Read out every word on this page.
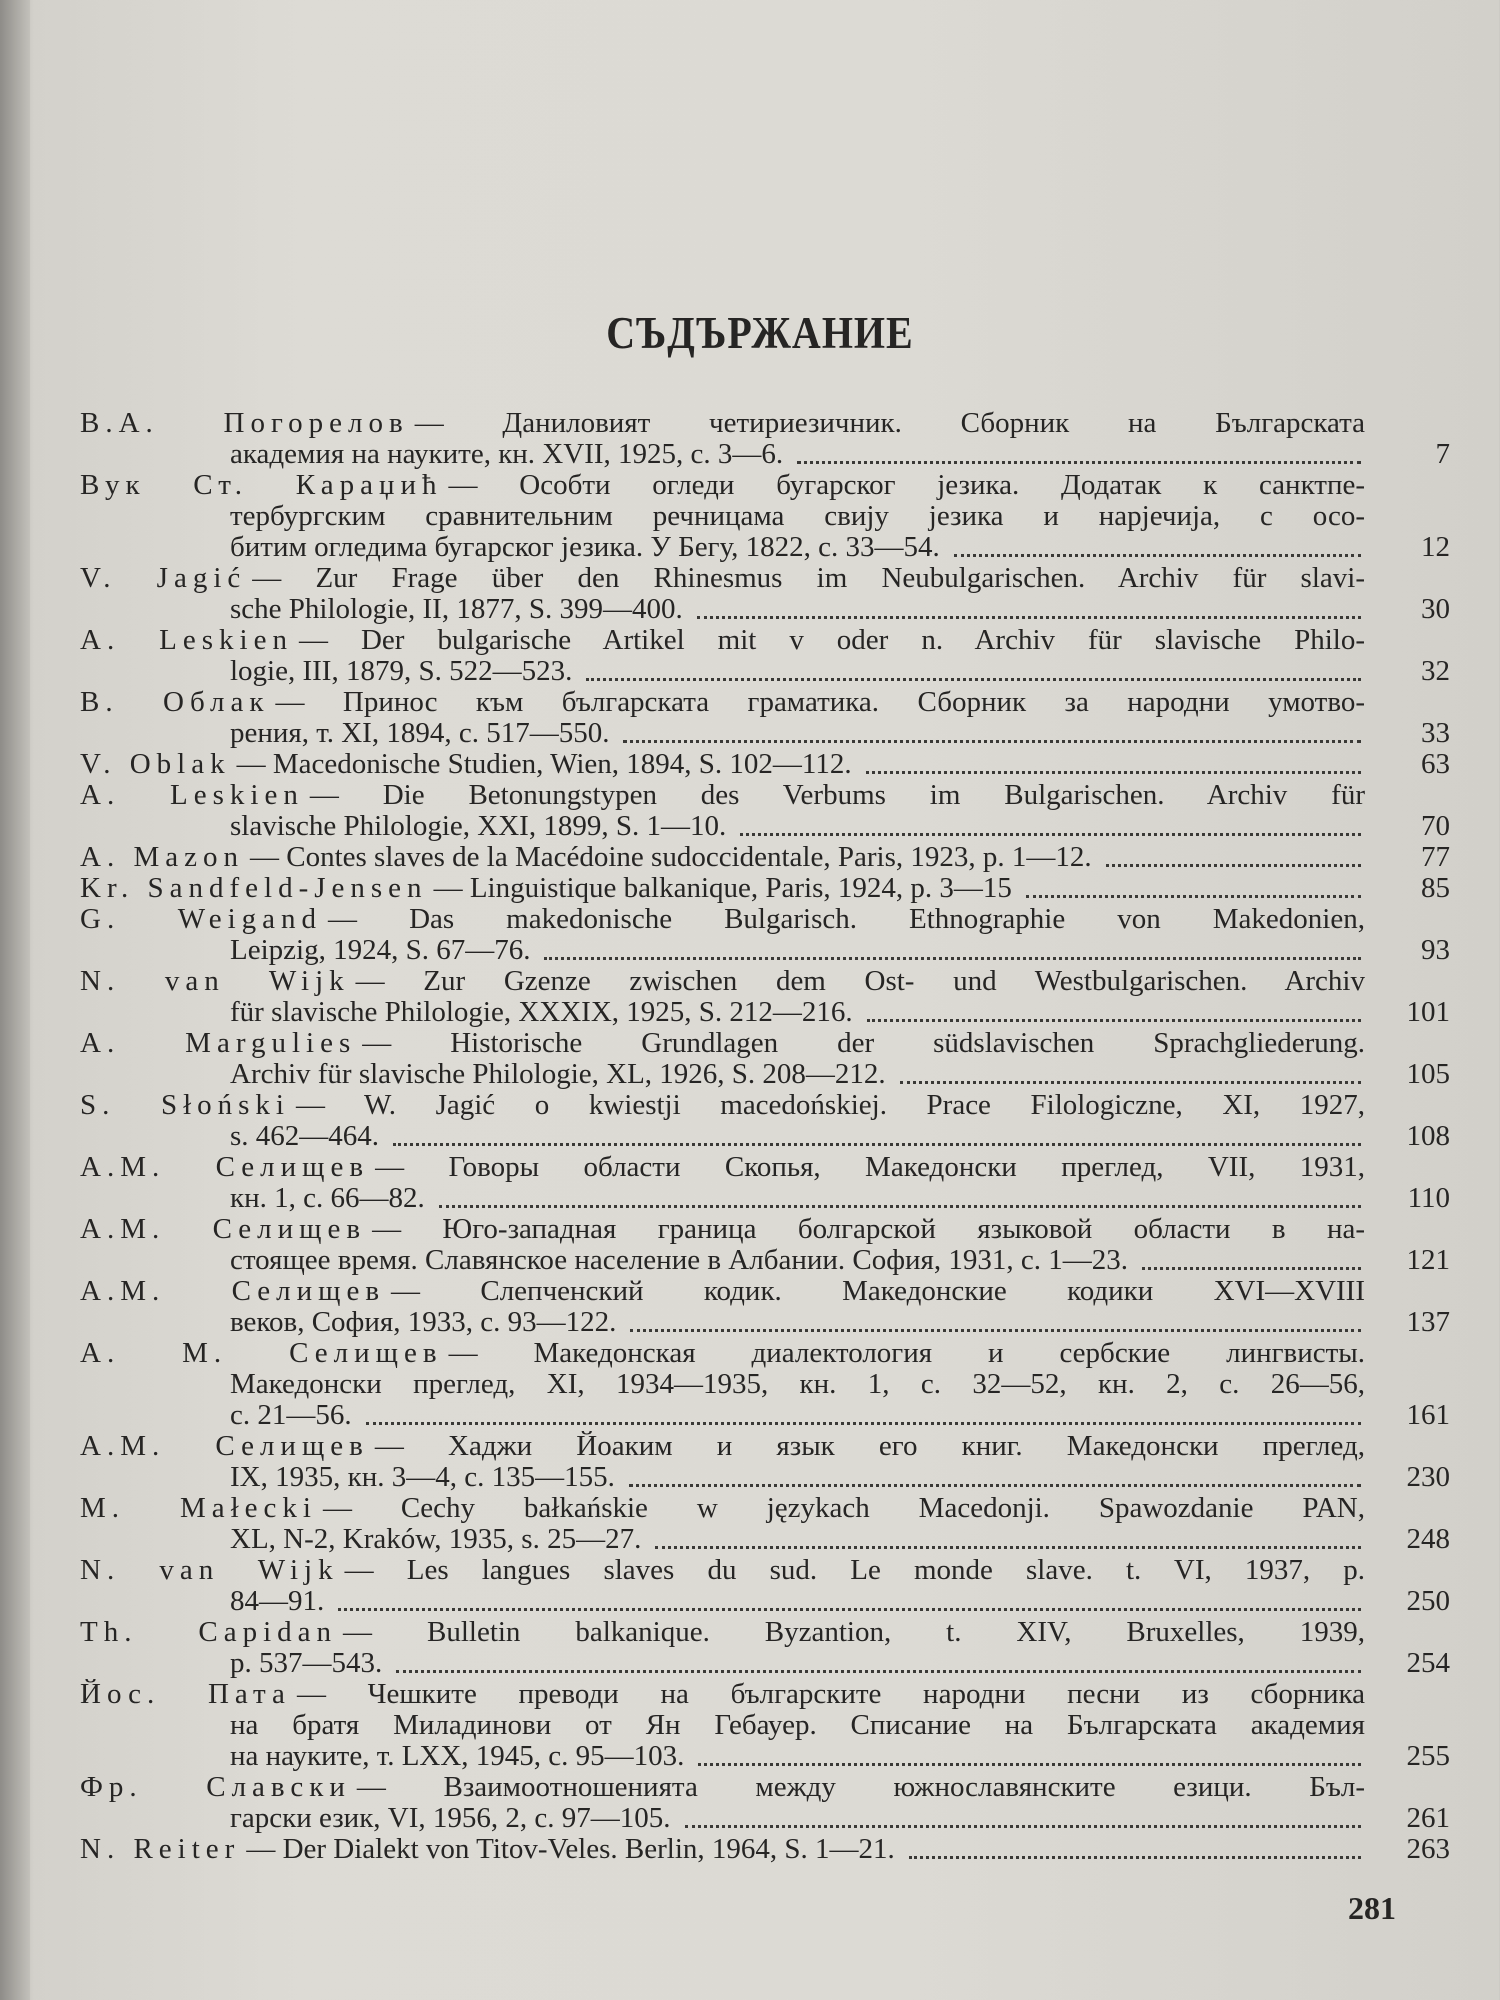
СЪДЪРЖАНИЕ
В.А. Погорелов — Даниловият четириезичник. Сборник на Българската
академия на науките, кн. XVII, 1925, с. 3—6.	7
Вук Ст. Караџић — Особти огледи бугарског језика. Додатак к санктпе-
тербургским сравнительним речницама свију језика и нарјечија, с осо-
битим огледима бугарског језика. У Бегу, 1822, с. 33—54.	12
V. Jagić — Zur Frage über den Rhinesmus im Neubulgarischen. Archiv für slavi-
sche Philologie, II, 1877, S. 399—400.	30
A. Leskien — Der bulgarische Artikel mit v oder n. Archiv für slavische Philo-
logie, III, 1879, S. 522—523.	32
В. Облак — Принос към българската граматика. Сборник за народни умотво-
рения, т. XI, 1894, с. 517—550.	33
V. Oblak — Macedonische Studien, Wien, 1894, S. 102—112.	63
A. Leskien — Die Betonungstypen des Verbums im Bulgarischen. Archiv für
slavische Philologie, XXI, 1899, S. 1—10.	70
A. Mazon — Contes slaves de la Macédoine sudoccidentale, Paris, 1923, p. 1—12.	77
Kr. Sandfeld-Jensen — Linguistique balkanique, Paris, 1924, p. 3—15	85
G. Weigand — Das makedonische Bulgarisch. Ethnographie von Makedonien,
Leipzig, 1924, S. 67—76.	93
N. van Wijk — Zur Gzenze zwischen dem Ost- und Westbulgarischen. Archiv
für slavische Philologie, XXXIX, 1925, S. 212—216.	101
A. Margulies — Historische Grundlagen der südslavischen Sprachgliederung.
Archiv für slavische Philologie, XL, 1926, S. 208—212.	105
S. Słoński — W. Jagić o kwiestji macedońskiej. Prace Filologiczne, XI, 1927,
s. 462—464.	108
А.М. Селищев — Говоры области Скопья, Македонски преглед, VII, 1931,
кн. 1, с. 66—82.	110
А.М. Селищев — Юго-западная граница болгарской языковой области в на-
стоящее время. Славянское население в Албании. София, 1931, с. 1—23.	121
А.М. Селищев — Слепченский кодик. Македонские кодики XVI—XVIII
веков, София, 1933, с. 93—122.	137
А. М. Селищев — Македонская диалектология и сербские лингвисты.
Македонски преглед, XI, 1934—1935, кн. 1, с. 32—52, кн. 2, с. 26—56,
с. 21—56.	161
А.М. Селищев — Хаджи Йоаким и язык его книг. Македонски преглед,
IX, 1935, кн. 3—4, с. 135—155.	230
M. Małecki — Cechy bałkańskie w językach Macedonji. Spawozdanie PAN,
XL, N-2, Kraków, 1935, s. 25—27.	248
N. van Wijk — Les langues slaves du sud. Le monde slave. t. VI, 1937, p.
84—91.	250
Th. Capidan — Bulletin balkanique. Byzantion, t. XIV, Bruxelles, 1939,
p. 537—543.	254
Йос. Пата — Чешките преводи на българските народни песни из сборника
на братя Миладинови от Ян Гебауер. Списание на Българската академия
на науките, т. LXX, 1945, с. 95—103.	255
Фр. Славски — Взаимоотношенията между южнославянските езици. Бъл-
гарски език, VI, 1956, 2, с. 97—105.	261
N. Reiter — Der Dialekt von Titov-Veles. Berlin, 1964, S. 1—21.	263
281
